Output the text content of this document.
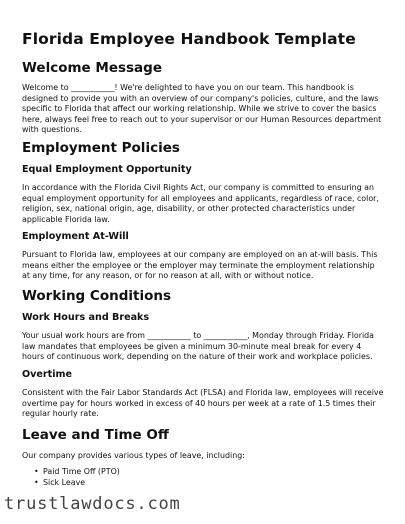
Florida Employee Handbook Template
Welcome Message

Welcome to ___________! We're delighted to have you on our team. This handbook is designed to provide you with an overview of our company's policies, culture, and the laws specific to Florida that affect our working relationship. While we strive to cover the basics here, always feel free to reach out to your supervisor or our Human Resources department with questions.

Employment Policies
Equal Employment Opportunity

In accordance with the Florida Civil Rights Act, our company is committed to ensuring an equal employment opportunity for all employees and applicants, regardless of race, color, religion, sex, national origin, age, disability, or other protected characteristics under applicable Florida law.

Employment At-Will

Pursuant to Florida law, employees at our company are employed on an at-will basis. This means either the employee or the employer may terminate the employment relationship at any time, for any reason, or for no reason at all, with or without notice.

Working Conditions
Work Hours and Breaks

Your usual work hours are from ___________ to ___________, Monday through Friday. Florida law mandates that employees be given a minimum 30-minute meal break for every 4 hours of continuous work, depending on the nature of their work and workplace policies.

Overtime

Consistent with the Fair Labor Standards Act (FLSA) and Florida law, employees will receive overtime pay for hours worked in excess of 40 hours per week at a rate of 1.5 times their regular hourly rate.

Leave and Time Off

Our company provides various types of leave, including:

• Paid Time Off (PTO)
• Sick Leave
trustlawdocs.com
